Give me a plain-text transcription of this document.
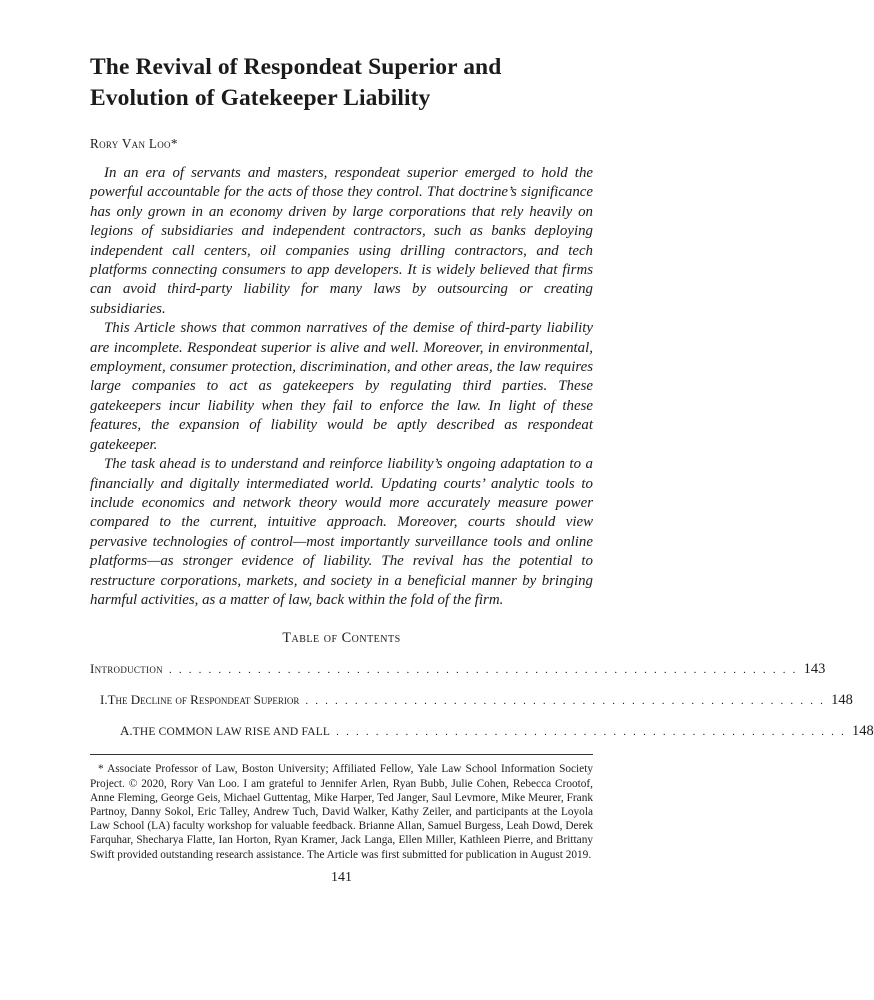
The Revival of Respondeat Superior and Evolution of Gatekeeper Liability
Rory Van Loo*

In an era of servants and masters, respondeat superior emerged to hold the powerful accountable for the acts of those they control. That doctrine’s significance has only grown in an economy driven by large corporations that rely heavily on legions of subsidiaries and independent contractors, such as banks deploying independent call centers, oil companies using drilling contractors, and tech platforms connecting consumers to app developers. It is widely believed that firms can avoid third-party liability for many laws by outsourcing or creating subsidiaries.

This Article shows that common narratives of the demise of third-party liability are incomplete. Respondeat superior is alive and well. Moreover, in environmental, employment, consumer protection, discrimination, and other areas, the law requires large companies to act as gatekeepers by regulating third parties. These gatekeepers incur liability when they fail to enforce the law. In light of these features, the expansion of liability would be aptly described as respondeat gatekeeper.

The task ahead is to understand and reinforce liability’s ongoing adaptation to a financially and digitally intermediated world. Updating courts’ analytic tools to include economics and network theory would more accurately measure power compared to the current, intuitive approach. Moreover, courts should view pervasive technologies of control—most importantly surveillance tools and online platforms—as stronger evidence of liability. The revival has the potential to restructure corporations, markets, and society in a beneficial manner by bringing harmful activities, as a matter of law, back within the fold of the firm.

Table of Contents
Introduction . . . . . . . . . . . . . . . . . . . . . . . . . . . . . . . . . . . . . . . . . . . . . . . . . . . . . . . . . . . . . . . . 143
I. The Decline of Respondeat Superior . . . . . . . . . . . . . . . . . . . . . . . . . . . . . . . . . . . . . . . . . . . . . . . . . . . . . 148
A. THE COMMON LAW RISE AND FALL . . . . . . . . . . . . . . . . . . . . . . . . . . . . . . . . . . . . . . . . . . . . . . . . . . . . 148

* Associate Professor of Law, Boston University; Affiliated Fellow, Yale Law School Information Society Project. © 2020, Rory Van Loo. I am grateful to Jennifer Arlen, Ryan Bubb, Julie Cohen, Rebecca Crootof, Anne Fleming, George Geis, Michael Guttentag, Mike Harper, Ted Janger, Saul Levmore, Mike Meurer, Frank Partnoy, Danny Sokol, Eric Talley, Andrew Tuch, David Walker, Kathy Zeiler, and participants at the Loyola Law School (LA) faculty workshop for valuable feedback. Brianne Allan, Samuel Burgess, Leah Dowd, Derek Farquhar, Shecharya Flatte, Ian Horton, Ryan Kramer, Jack Langa, Ellen Miller, Kathleen Pierre, and Brittany Swift provided outstanding research assistance. The Article was first submitted for publication in August 2019.

141
